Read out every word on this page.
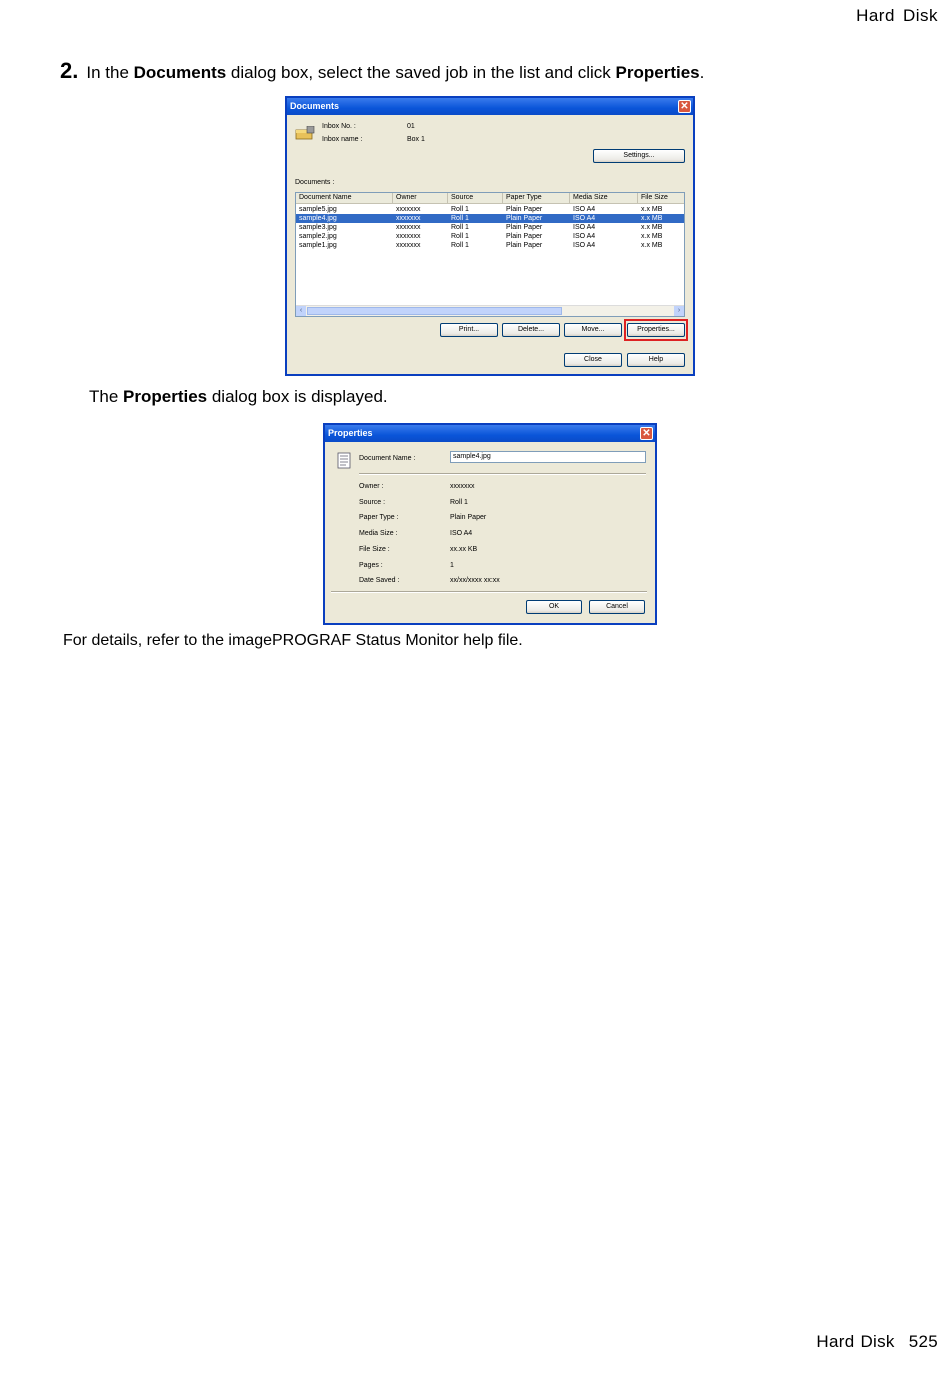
Hard Disk
2. In the Documents dialog box, select the saved job in the list and click Properties.
Documents	✕
Inbox No. :	01
Inbox name :	Box 1
Settings...
Documents :
Document Name	Owner	Source	Paper Type	Media Size	File Size
sample5.jpg	xxxxxxx	Roll 1	Plain Paper	ISO A4	x.x MB
sample4.jpg	xxxxxxx	Roll 1	Plain Paper	ISO A4	x.x MB
sample3.jpg	xxxxxxx	Roll 1	Plain Paper	ISO A4	x.x MB
sample2.jpg	xxxxxxx	Roll 1	Plain Paper	ISO A4	x.x MB
sample1.jpg	xxxxxxx	Roll 1	Plain Paper	ISO A4	x.x MB
‹	›
Print...	Delete...	Move...	Properties...
Close	Help
The Properties dialog box is displayed.
Properties	✕
Document Name :	sample4.jpg
Owner :	xxxxxxx
Source :	Roll 1
Paper Type :	Plain Paper
Media Size :	ISO A4
File Size :	xx.xx KB
Pages :	1
Date Saved :	xx/xx/xxxx xx:xx
OK	Cancel
For details, refer to the imagePROGRAF Status Monitor help file.
Hard Disk 525
